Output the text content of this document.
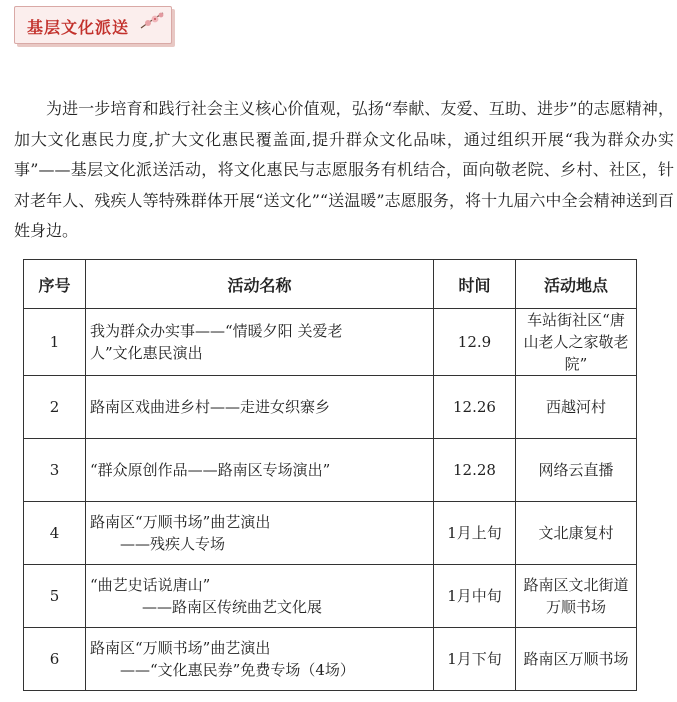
基层文化派送

为进一步培育和践行社会主义核心价值观，弘扬“奉献、友爱、互助、进步”的志愿精神，加大文化惠民力度,扩大文化惠民覆盖面,提升群众文化品味，通过组织开展“我为群众办实事”——基层文化派送活动，将文化惠民与志愿服务有机结合，面向敬老院、乡村、社区，针对老年人、残疾人等特殊群体开展“送文化”“送温暖”志愿服务，将十九届六中全会精神送到百姓身边。

序号	活动名称	时间	活动地点
1	我为群众办实事——“情暖夕阳 关爱老
人”文化惠民演出	12.9	车站街社区“唐山老人之家敬老院”
2	路南区戏曲进乡村——走进女织寨乡	12.26	西越河村
3	“群众原创作品——路南区专场演出”	12.28	网络云直播
4	路南区“万顺书场”曲艺演出
——残疾人专场	1月上旬	文北康复村
5	“曲艺史话说唐山”
——路南区传统曲艺文化展	1月中旬	路南区文北街道万顺书场
6	路南区“万顺书场”曲艺演出
——“文化惠民券”免费专场（4场）	1月下旬	路南区万顺书场
